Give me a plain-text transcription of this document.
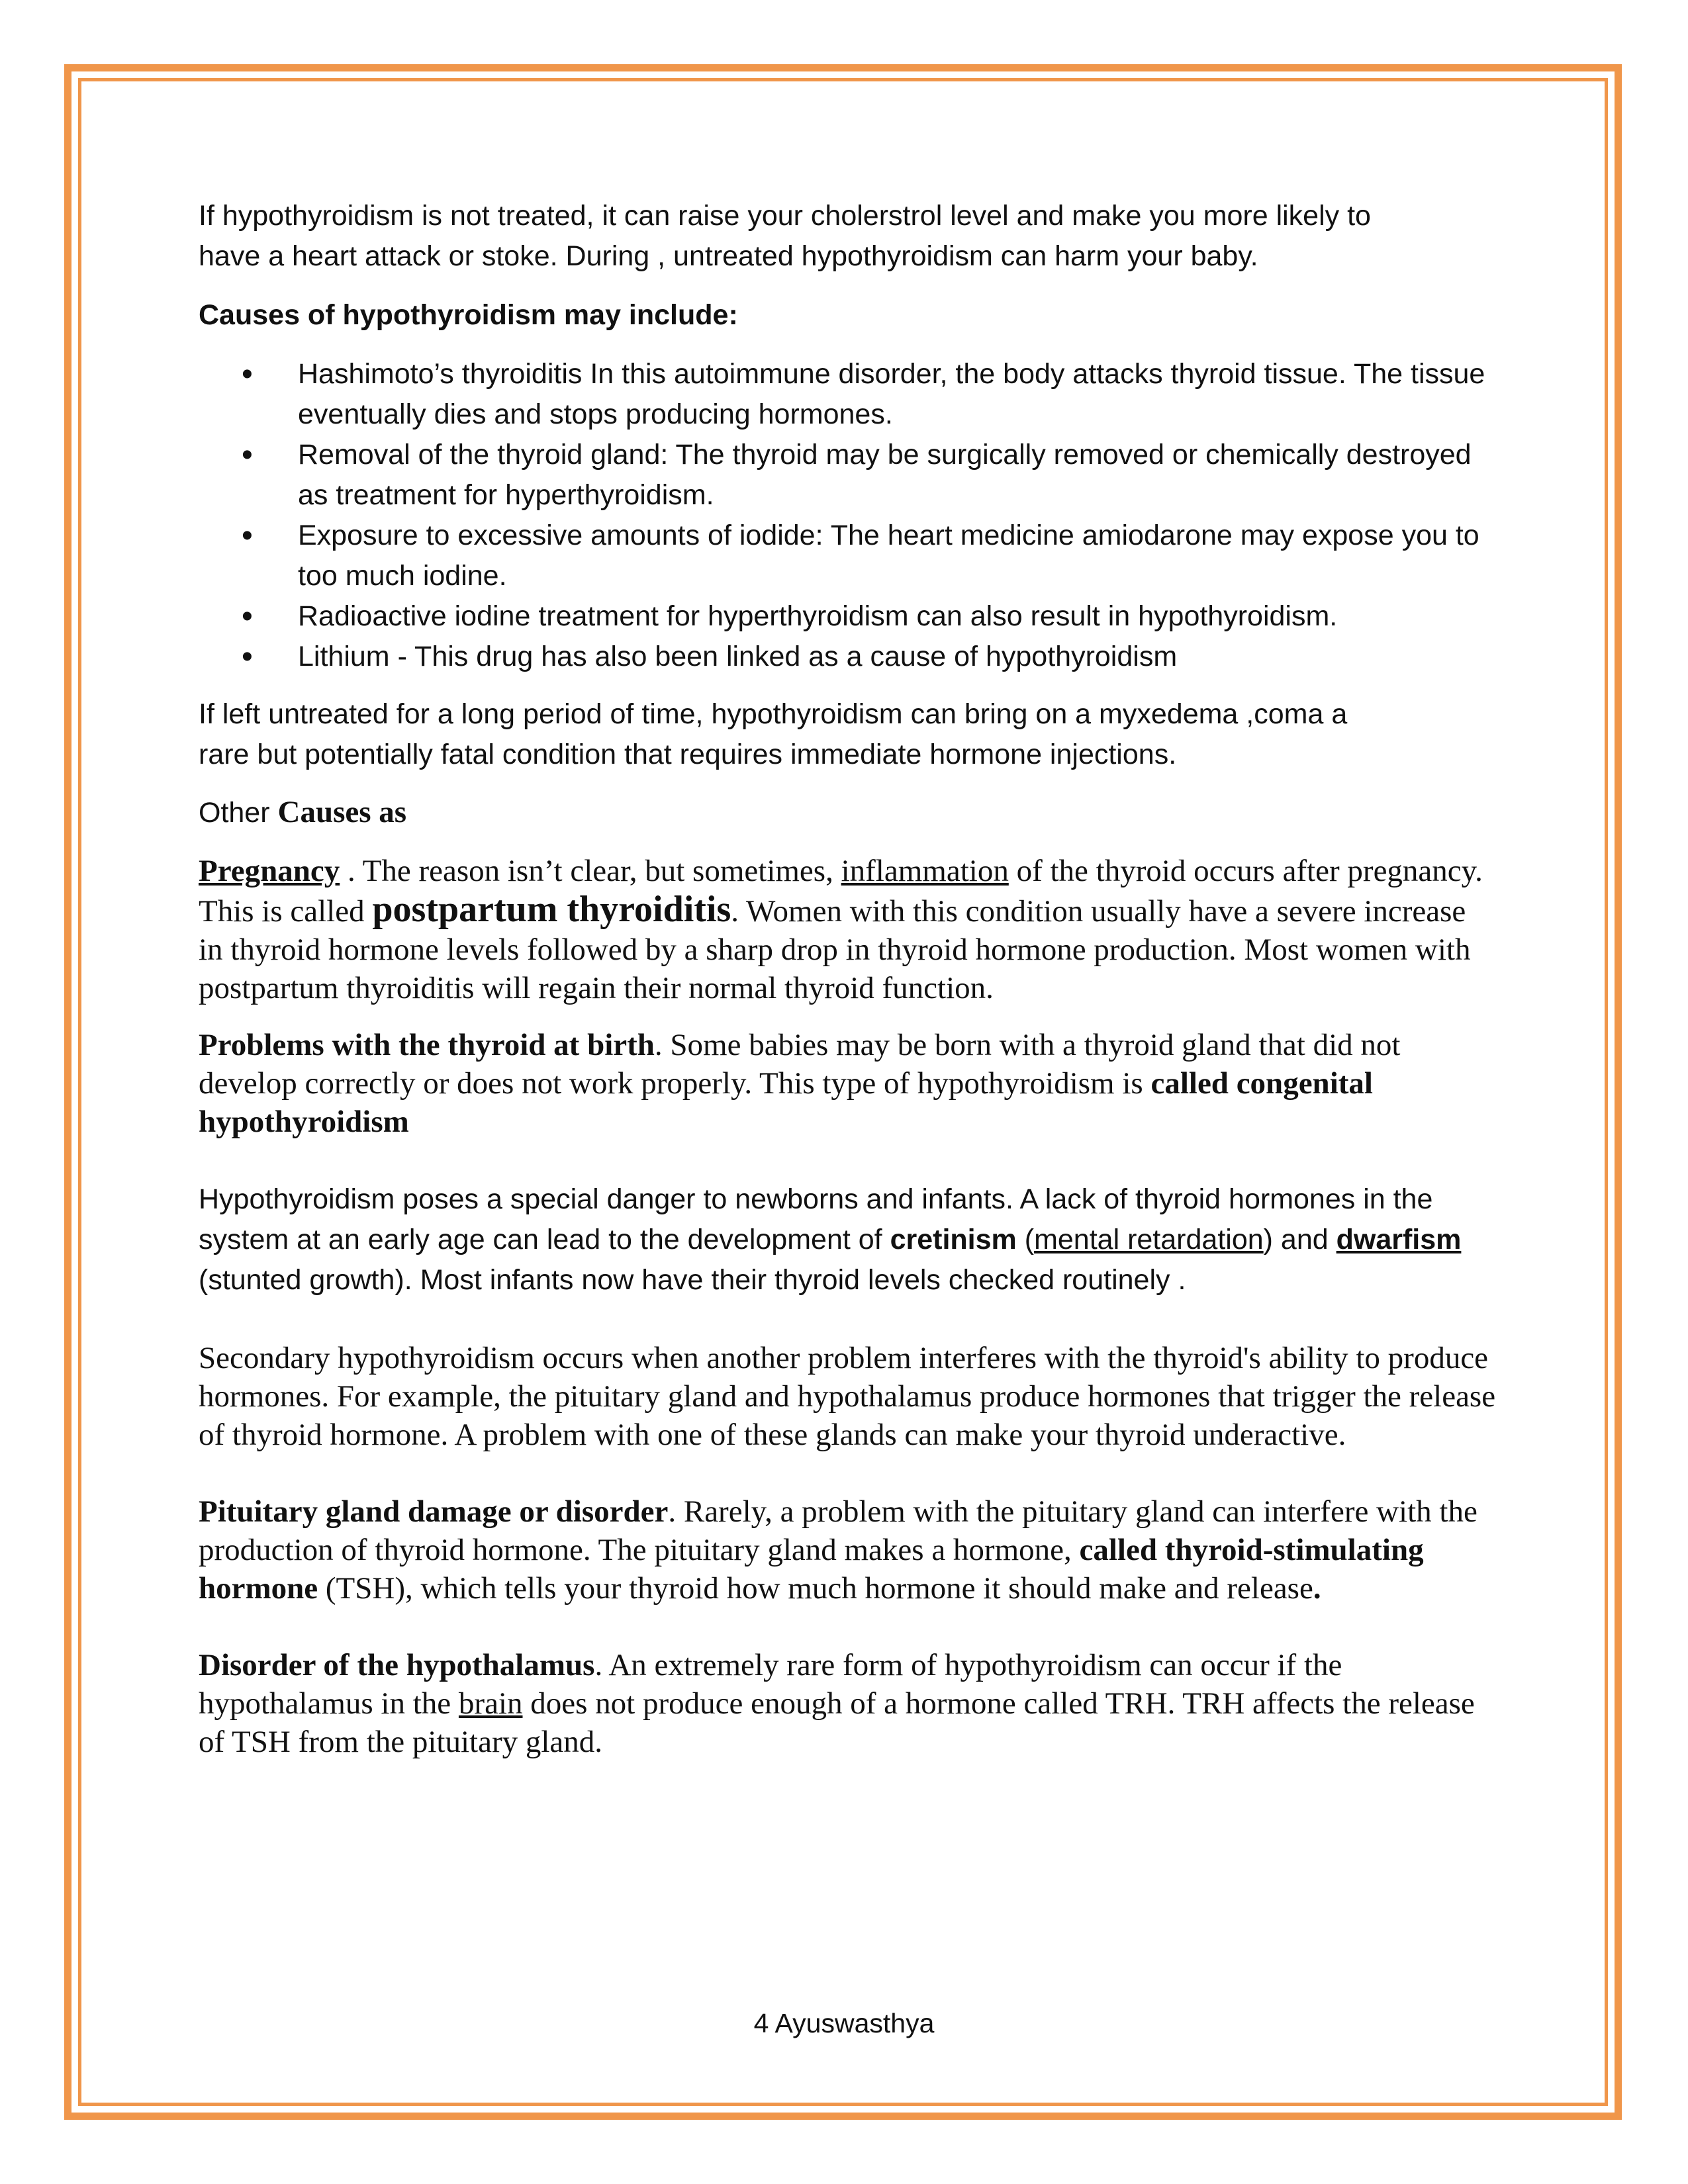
If hypothyroidism is not treated, it can raise your cholerstrol level and make you more likely to
have a heart attack or stoke. During , untreated hypothyroidism can harm your baby.

Causes of hypothyroidism may include:

• Hashimoto’s thyroiditis In this autoimmune disorder, the body attacks thyroid tissue. The tissue eventually dies and stops producing hormones.
• Removal of the thyroid gland: The thyroid may be surgically removed or chemically destroyed as treatment for hyperthyroidism.
• Exposure to excessive amounts of iodide: The heart medicine amiodarone may expose you to too much iodine.
• Radioactive iodine treatment for hyperthyroidism can also result in hypothyroidism.
• Lithium - This drug has also been linked as a cause of hypothyroidism

If left untreated for a long period of time, hypothyroidism can bring on a myxedema ,coma a
rare but potentially fatal condition that requires immediate hormone injections.

Other Causes as

Pregnancy . The reason isn’t clear, but sometimes, inflammation of the thyroid occurs after pregnancy. This is called postpartum thyroiditis. Women with this condition usually have a severe increase in thyroid hormone levels followed by a sharp drop in thyroid hormone production. Most women with postpartum thyroiditis will regain their normal thyroid function.

Problems with the thyroid at birth. Some babies may be born with a thyroid gland that did not develop correctly or does not work properly. This type of hypothyroidism is called congenital hypothyroidism

Hypothyroidism poses a special danger to newborns and infants. A lack of thyroid hormones in the system at an early age can lead to the development of cretinism (mental retardation) and dwarfism (stunted growth). Most infants now have their thyroid levels checked routinely .

Secondary hypothyroidism occurs when another problem interferes with the thyroid's ability to produce hormones. For example, the pituitary gland and hypothalamus produce hormones that trigger the release of thyroid hormone. A problem with one of these glands can make your thyroid underactive.

Pituitary gland damage or disorder. Rarely, a problem with the pituitary gland can interfere with the production of thyroid hormone. The pituitary gland makes a hormone, called thyroid-stimulating hormone (TSH), which tells your thyroid how much hormone it should make and release.

Disorder of the hypothalamus. An extremely rare form of hypothyroidism can occur if the hypothalamus in the brain does not produce enough of a hormone called TRH. TRH affects the release of TSH from the pituitary gland.

4 Ayuswasthya
